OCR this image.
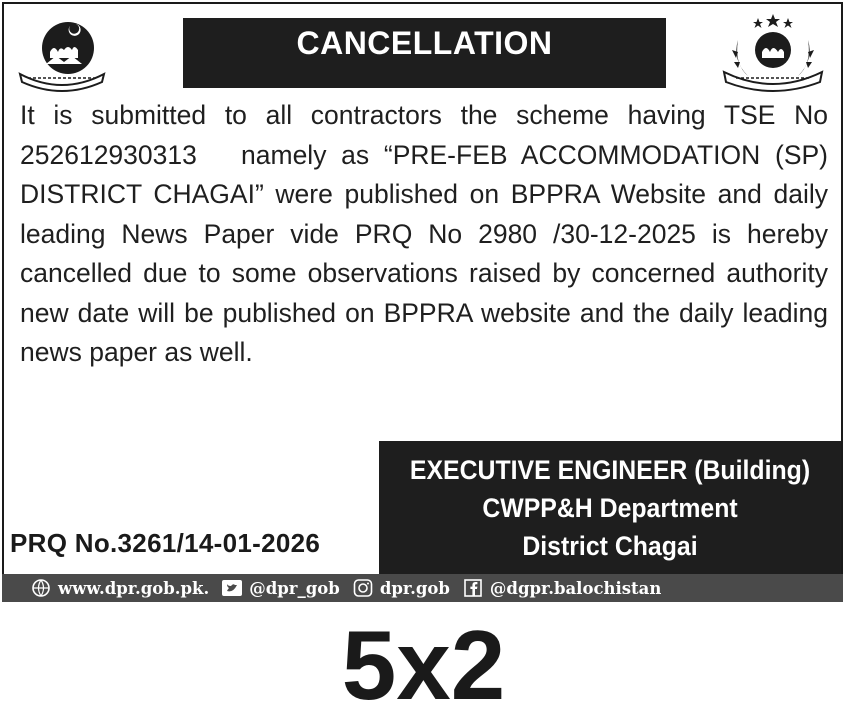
CANCELLATION
It is submitted to all contractors the scheme having TSE No
252612930313   namely as “PRE-FEB ACCOMMODATION (SP)
DISTRICT CHAGAI” were published on BPPRA Website and daily
leading News Paper vide PRQ No 2980 /30-12-2025 is hereby
cancelled due to some observations raised by concerned authority
new date will be published on BPPRA website and the daily leading
news paper as well.
EXECUTIVE ENGINEER (Building)
CWPP&H Department
District Chagai
PRQ No.3261/14-01-2026
www.dpr.gob.pk. @dpr_gob dpr.gob @dgpr.balochistan
5x2
